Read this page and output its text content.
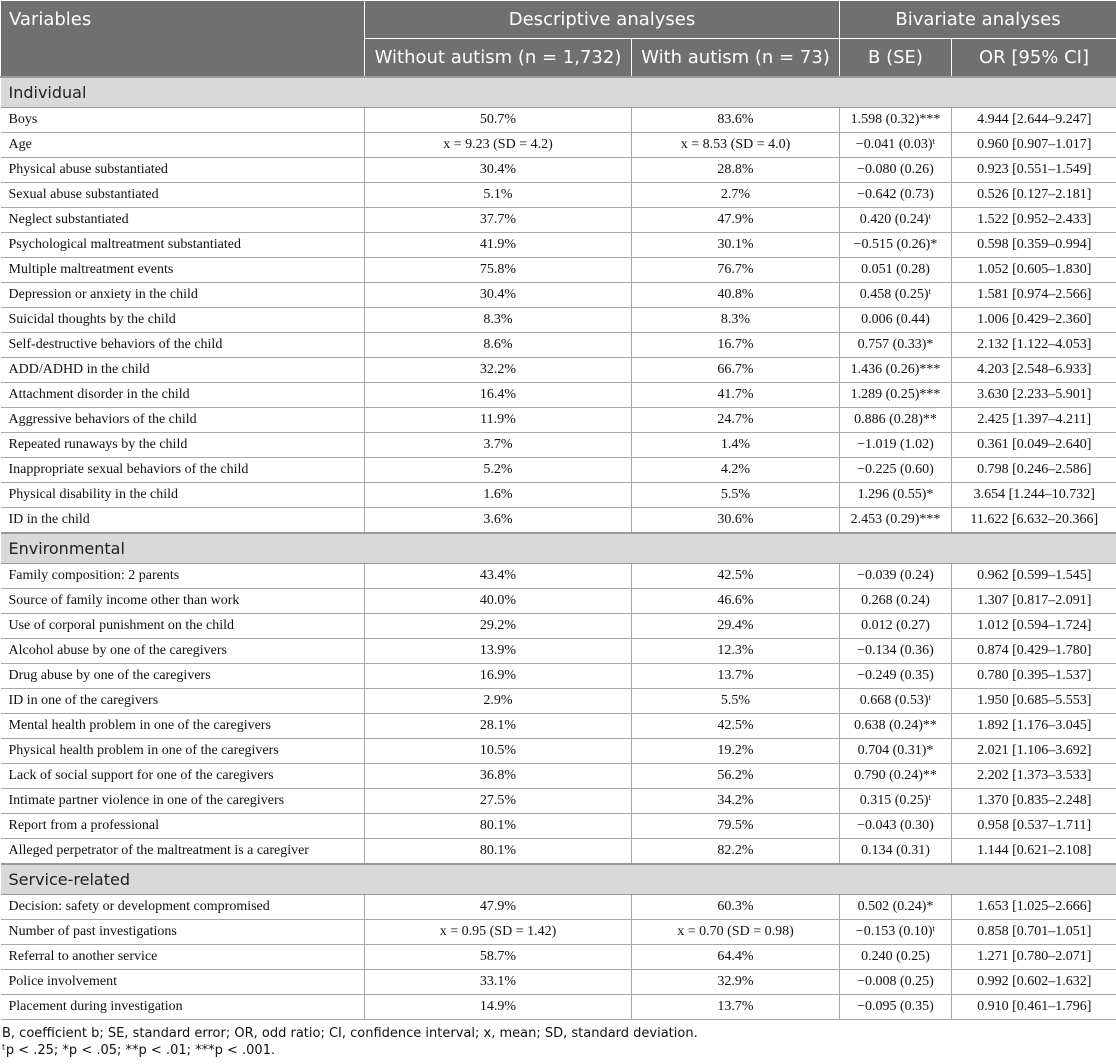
Variables	Descriptive analyses		Bivariate analyses	
	Without autism (n = 1,732)	With autism (n = 73)	B (SE)	OR [95% CI]
Individual				
Boys	50.7%	83.6%	1.598 (0.32)***	4.944 [2.644–9.247]
Age	x = 9.23 (SD = 4.2)	x = 8.53 (SD = 4.0)	−0.041 (0.03)ᵗ	0.960 [0.907–1.017]
Physical abuse substantiated	30.4%	28.8%	−0.080 (0.26)	0.923 [0.551–1.549]
Sexual abuse substantiated	5.1%	2.7%	−0.642 (0.73)	0.526 [0.127–2.181]
Neglect substantiated	37.7%	47.9%	0.420 (0.24)ᵗ	1.522 [0.952–2.433]
Psychological maltreatment substantiated	41.9%	30.1%	−0.515 (0.26)*	0.598 [0.359–0.994]
Multiple maltreatment events	75.8%	76.7%	0.051 (0.28)	1.052 [0.605–1.830]
Depression or anxiety in the child	30.4%	40.8%	0.458 (0.25)ᵗ	1.581 [0.974–2.566]
Suicidal thoughts by the child	8.3%	8.3%	0.006 (0.44)	1.006 [0.429–2.360]
Self-destructive behaviors of the child	8.6%	16.7%	0.757 (0.33)*	2.132 [1.122–4.053]
ADD/ADHD in the child	32.2%	66.7%	1.436 (0.26)***	4.203 [2.548–6.933]
Attachment disorder in the child	16.4%	41.7%	1.289 (0.25)***	3.630 [2.233–5.901]
Aggressive behaviors of the child	11.9%	24.7%	0.886 (0.28)**	2.425 [1.397–4.211]
Repeated runaways by the child	3.7%	1.4%	−1.019 (1.02)	0.361 [0.049–2.640]
Inappropriate sexual behaviors of the child	5.2%	4.2%	−0.225 (0.60)	0.798 [0.246–2.586]
Physical disability in the child	1.6%	5.5%	1.296 (0.55)*	3.654 [1.244–10.732]
ID in the child	3.6%	30.6%	2.453 (0.29)***	11.622 [6.632–20.366]
Environmental				
Family composition: 2 parents	43.4%	42.5%	−0.039 (0.24)	0.962 [0.599–1.545]
Source of family income other than work	40.0%	46.6%	0.268 (0.24)	1.307 [0.817–2.091]
Use of corporal punishment on the child	29.2%	29.4%	0.012 (0.27)	1.012 [0.594–1.724]
Alcohol abuse by one of the caregivers	13.9%	12.3%	−0.134 (0.36)	0.874 [0.429–1.780]
Drug abuse by one of the caregivers	16.9%	13.7%	−0.249 (0.35)	0.780 [0.395–1.537]
ID in one of the caregivers	2.9%	5.5%	0.668 (0.53)ᵗ	1.950 [0.685–5.553]
Mental health problem in one of the caregivers	28.1%	42.5%	0.638 (0.24)**	1.892 [1.176–3.045]
Physical health problem in one of the caregivers	10.5%	19.2%	0.704 (0.31)*	2.021 [1.106–3.692]
Lack of social support for one of the caregivers	36.8%	56.2%	0.790 (0.24)**	2.202 [1.373–3.533]
Intimate partner violence in one of the caregivers	27.5%	34.2%	0.315 (0.25)ᵗ	1.370 [0.835–2.248]
Report from a professional	80.1%	79.5%	−0.043 (0.30)	0.958 [0.537–1.711]
Alleged perpetrator of the maltreatment is a caregiver	80.1%	82.2%	0.134 (0.31)	1.144 [0.621–2.108]
Service-related				
Decision: safety or development compromised	47.9%	60.3%	0.502 (0.24)*	1.653 [1.025–2.666]
Number of past investigations	x = 0.95 (SD = 1.42)	x = 0.70 (SD = 0.98)	−0.153 (0.10)ᵗ	0.858 [0.701–1.051]
Referral to another service	58.7%	64.4%	0.240 (0.25)	1.271 [0.780–2.071]
Police involvement	33.1%	32.9%	−0.008 (0.25)	0.992 [0.602–1.632]
Placement during investigation	14.9%	13.7%	−0.095 (0.35)	0.910 [0.461–1.796]

B, coefficient b; SE, standard error; OR, odd ratio; CI, confidence interval; x, mean; SD, standard deviation.

ᵗp < .25; *p < .05; **p < .01; ***p < .001.
